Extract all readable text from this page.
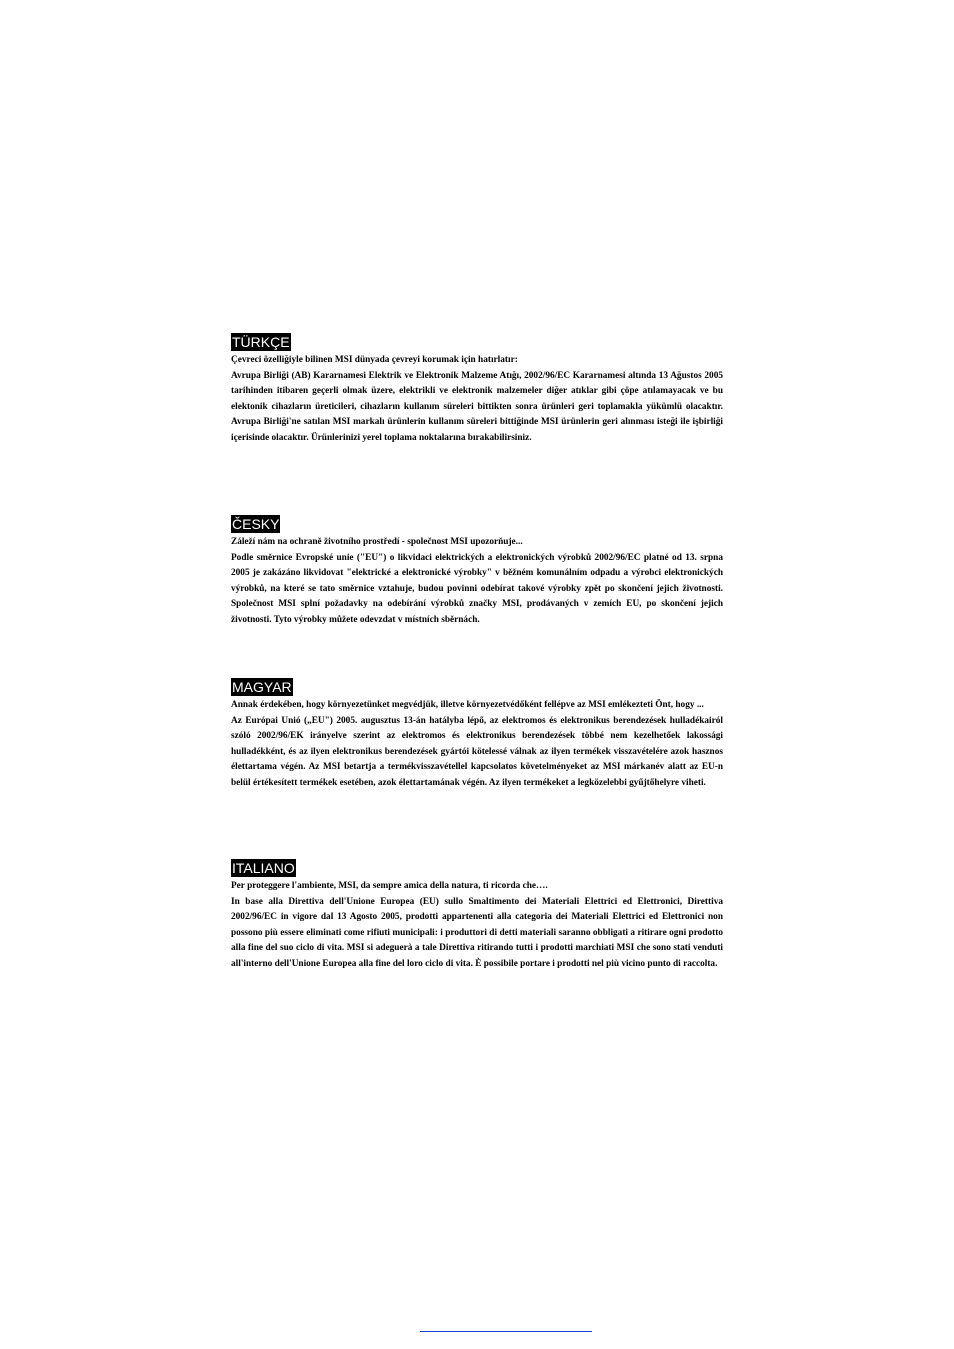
TÜRKÇE
Çevreci özelliğiyle bilinen MSI dünyada çevreyi korumak için hatırlatır:
Avrupa Birliği (AB) Kararnamesi Elektrik ve Elektronik Malzeme Atığı, 2002/96/EC Kararnamesi altında 13 Ağustos 2005 tarihinden itibaren geçerli olmak üzere, elektrikli ve elektronik malzemeler diğer atıklar gibi çöpe atılamayacak ve bu elektonik cihazların üreticileri, cihazların kullanım süreleri bittikten sonra ürünleri geri toplamakla yükümlü olacaktır. Avrupa Birliği'ne satılan MSI markalı ürünlerin kullanım süreleri bittiğinde MSI ürünlerin geri alınması isteği ile işbirliği içerisinde olacaktır. Ürünlerinizi yerel toplama noktalarına bırakabilirsiniz.
ČESKY
Záleží nám na ochraně životního prostředí - společnost MSI upozorňuje...
Podle směrnice Evropské unie ("EU") o likvidaci elektrických a elektronických výrobků 2002/96/EC platné od 13. srpna 2005 je zakázáno likvidovat "elektrické a elektronické výrobky" v běžném komunálním odpadu a výrobci elektronických výrobků, na které se tato směrnice vztahuje, budou povinni odebírat takové výrobky zpět po skončení jejich životnosti. Společnost MSI splní požadavky na odebírání výrobků značky MSI, prodávaných v zemích EU, po skončení jejich životnosti. Tyto výrobky můžete odevzdat v místních sběrnách.
MAGYAR
Annak érdekében, hogy környezetünket megvédjük, illetve környezetvédőként fellépve az MSI emlékezteti Önt, hogy ...
Az Európai Unió („EU") 2005. augusztus 13-án hatályba lépő, az elektromos és elektronikus berendezések hulladékairól szóló 2002/96/EK irányelve szerint az elektromos és elektronikus berendezések többé nem kezelhetőek lakossági hulladékként, és az ilyen elektronikus berendezések gyártói kötelessé válnak az ilyen termékek visszavételére azok hasznos élettartama végén. Az MSI betartja a termékvisszavétellel kapcsolatos követelményeket az MSI márkanév alatt az EU-n belül értékesített termékek esetében, azok élettartamának végén. Az ilyen termékeket a legközelebbi gyűjtőhelyre viheti.
ITALIANO
Per proteggere l'ambiente, MSI, da sempre amica della natura, ti ricorda che….
In base alla Direttiva dell'Unione Europea (EU) sullo Smaltimento dei Materiali Elettrici ed Elettronici, Direttiva 2002/96/EC in vigore dal 13 Agosto 2005, prodotti appartenenti alla categoria dei Materiali Elettrici ed Elettronici non possono più essere eliminati come rifiuti municipali: i produttori di detti materiali saranno obbligati a ritirare ogni prodotto alla fine del suo ciclo di vita. MSI si adeguerà a tale Direttiva ritirando tutti i prodotti marchiati MSI che sono stati venduti all'interno dell'Unione Europea alla fine del loro ciclo di vita. È possibile portare i prodotti nel più vicino punto di raccolta.
